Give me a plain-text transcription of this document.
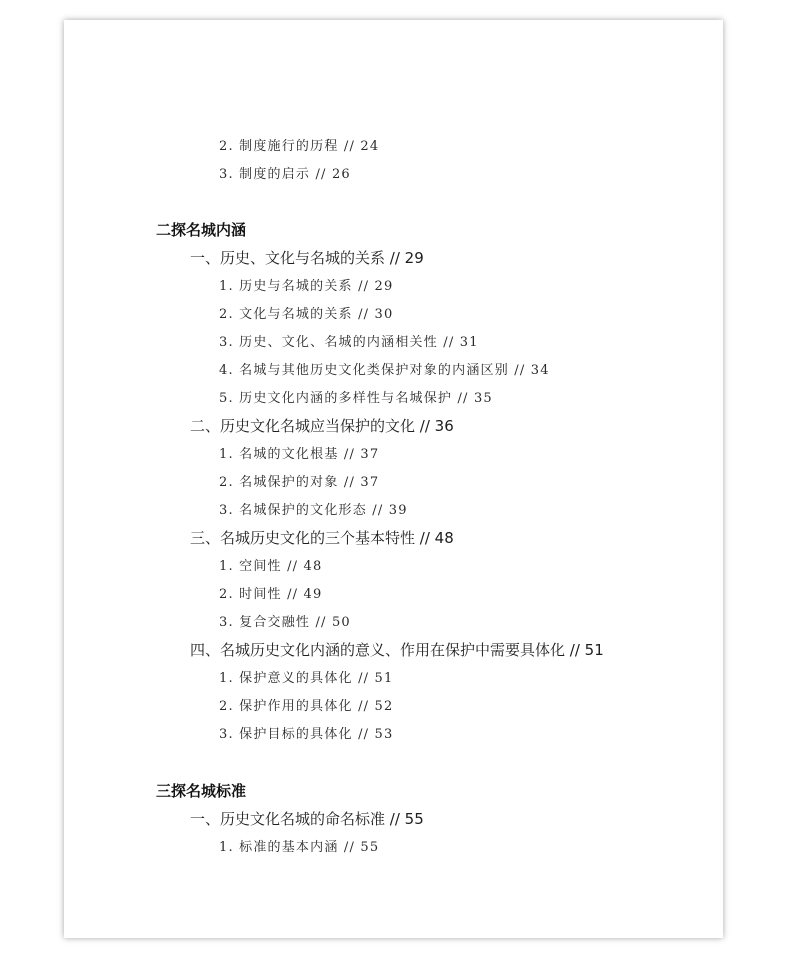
2. 制度施行的历程 // 24
3. 制度的启示 // 26
二探名城内涵
一、历史、文化与名城的关系 // 29
1. 历史与名城的关系 // 29
2. 文化与名城的关系 // 30
3. 历史、文化、名城的内涵相关性 // 31
4. 名城与其他历史文化类保护对象的内涵区别 // 34
5. 历史文化内涵的多样性与名城保护 // 35
二、历史文化名城应当保护的文化 // 36
1. 名城的文化根基 // 37
2. 名城保护的对象 // 37
3. 名城保护的文化形态 // 39
三、名城历史文化的三个基本特性 // 48
1. 空间性 // 48
2. 时间性 // 49
3. 复合交融性 // 50
四、名城历史文化内涵的意义、作用在保护中需要具体化 // 51
1. 保护意义的具体化 // 51
2. 保护作用的具体化 // 52
3. 保护目标的具体化 // 53
三探名城标准
一、历史文化名城的命名标准 // 55
1. 标准的基本内涵 // 55
